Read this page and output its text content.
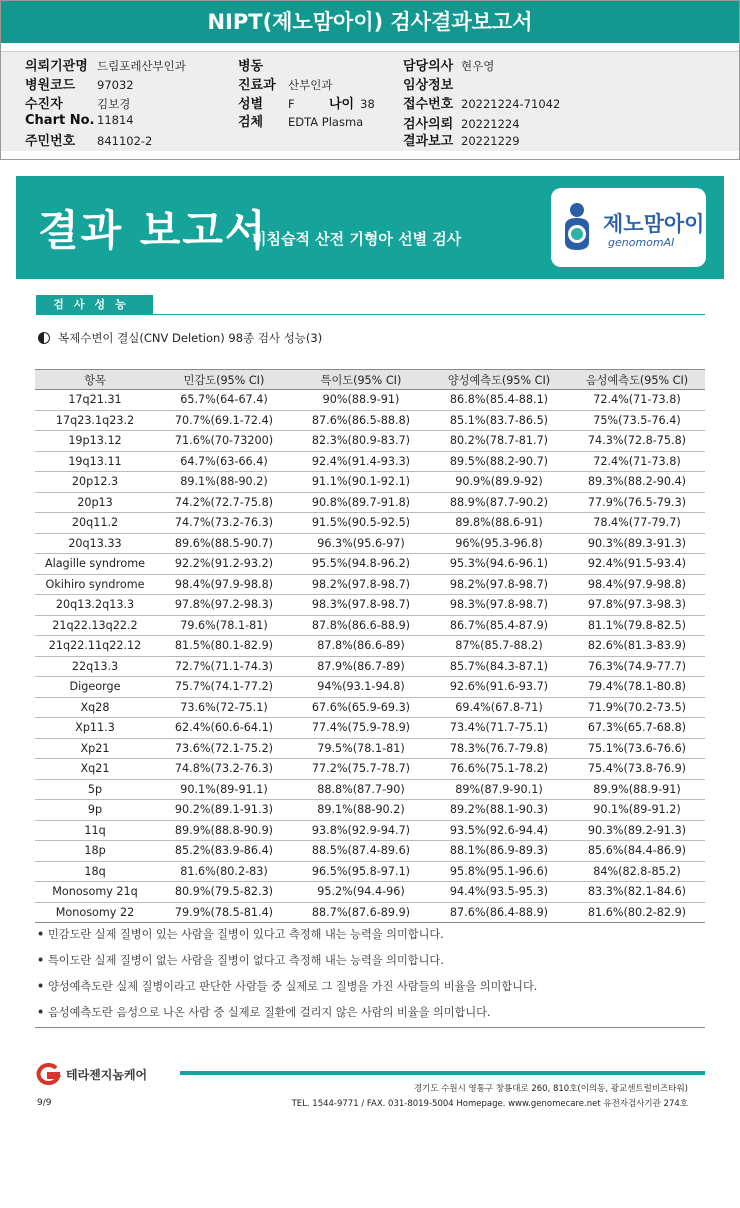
NIPT(제노맘아이) 검사결과보고서
의뢰기관명 드림포레산부인과
병원코드 97032
수진자	김보경
Chart No. 11814
주민번호 841102-2
병동
진료과 산부인과
성별 F	나이 38
검체 EDTA Plasma
담당의사 현우영
임상정보
접수번호 20221224-71042
검사의뢰 20221224
결과보고 20221229
결과 보고서
비침습적 산전 기형아 선별 검사
제노맘아이
genomomAI
검사성능
복제수변이 결실(CNV Deletion) 98종 검사 성능(3)
항목	민감도(95% CI)	특이도(95% CI)	양성예측도(95% CI)	음성예측도(95% CI)
17q21.31	65.7%(64-67.4)	90%(88.9-91)	86.8%(85.4-88.1)	72.4%(71-73.8)
17q23.1q23.2	70.7%(69.1-72.4)	87.6%(86.5-88.8)	85.1%(83.7-86.5)	75%(73.5-76.4)
19p13.12	71.6%(70-73200)	82.3%(80.9-83.7)	80.2%(78.7-81.7)	74.3%(72.8-75.8)
19q13.11	64.7%(63-66.4)	92.4%(91.4-93.3)	89.5%(88.2-90.7)	72.4%(71-73.8)
20p12.3	89.1%(88-90.2)	91.1%(90.1-92.1)	90.9%(89.9-92)	89.3%(88.2-90.4)
20p13	74.2%(72.7-75.8)	90.8%(89.7-91.8)	88.9%(87.7-90.2)	77.9%(76.5-79.3)
20q11.2	74.7%(73.2-76.3)	91.5%(90.5-92.5)	89.8%(88.6-91)	78.4%(77-79.7)
20q13.33	89.6%(88.5-90.7)	96.3%(95.6-97)	96%(95.3-96.8)	90.3%(89.3-91.3)
Alagille syndrome	92.2%(91.2-93.2)	95.5%(94.8-96.2)	95.3%(94.6-96.1)	92.4%(91.5-93.4)
Okihiro syndrome	98.4%(97.9-98.8)	98.2%(97.8-98.7)	98.2%(97.8-98.7)	98.4%(97.9-98.8)
20q13.2q13.3	97.8%(97.2-98.3)	98.3%(97.8-98.7)	98.3%(97.8-98.7)	97.8%(97.3-98.3)
21q22.13q22.2	79.6%(78.1-81)	87.8%(86.6-88.9)	86.7%(85.4-87.9)	81.1%(79.8-82.5)
21q22.11q22.12	81.5%(80.1-82.9)	87.8%(86.6-89)	87%(85.7-88.2)	82.6%(81.3-83.9)
22q13.3	72.7%(71.1-74.3)	87.9%(86.7-89)	85.7%(84.3-87.1)	76.3%(74.9-77.7)
Digeorge	75.7%(74.1-77.2)	94%(93.1-94.8)	92.6%(91.6-93.7)	79.4%(78.1-80.8)
Xq28	73.6%(72-75.1)	67.6%(65.9-69.3)	69.4%(67.8-71)	71.9%(70.2-73.5)
Xp11.3	62.4%(60.6-64.1)	77.4%(75.9-78.9)	73.4%(71.7-75.1)	67.3%(65.7-68.8)
Xp21	73.6%(72.1-75.2)	79.5%(78.1-81)	78.3%(76.7-79.8)	75.1%(73.6-76.6)
Xq21	74.8%(73.2-76.3)	77.2%(75.7-78.7)	76.6%(75.1-78.2)	75.4%(73.8-76.9)
5p	90.1%(89-91.1)	88.8%(87.7-90)	89%(87.9-90.1)	89.9%(88.9-91)
9p	90.2%(89.1-91.3)	89.1%(88-90.2)	89.2%(88.1-90.3)	90.1%(89-91.2)
11q	89.9%(88.8-90.9)	93.8%(92.9-94.7)	93.5%(92.6-94.4)	90.3%(89.2-91.3)
18p	85.2%(83.9-86.4)	88.5%(87.4-89.6)	88.1%(86.9-89.3)	85.6%(84.4-86.9)
18q	81.6%(80.2-83)	96.5%(95.8-97.1)	95.8%(95.1-96.6)	84%(82.8-85.2)
Monosomy 21q	80.9%(79.5-82.3)	95.2%(94.4-96)	94.4%(93.5-95.3)	83.3%(82.1-84.6)
Monosomy 22	79.9%(78.5-81.4)	88.7%(87.6-89.9)	87.6%(86.4-88.9)	81.6%(80.2-82.9)
• 민감도란 실제 질병이 있는 사람을 질병이 있다고 측정해 내는 능력을 의미합니다.
• 특이도란 실제 질병이 없는 사람을 질병이 없다고 측정해 내는 능력을 의미합니다.
• 양성예측도란 실제 질병이라고 판단한 사람들 중 실제로 그 질병을 가진 사람들의 비율을 의미합니다.
• 음성예측도란 음성으로 나온 사람 중 실제로 질환에 걸리지 않은 사람의 비율을 의미합니다.
테라젠지놈케어
경기도 수원시 영통구 창룡대로 260, 810호(이의동, 광교센트럴비즈타워)
TEL. 1544-9771 / FAX. 031-8019-5004 Homepage. www.genomecare.net 유전자검사기관 274호
9/9
